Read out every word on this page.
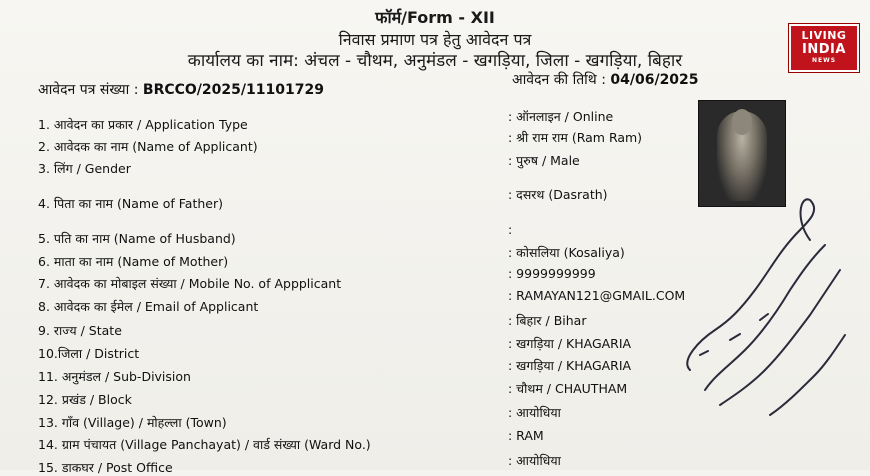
फॉर्म/Form - XII
निवास प्रमाण पत्र हेतु आवेदन पत्र
कार्यालय का नाम: अंचल - चौथम, अनुमंडल - खगड़िया, जिला - खगड़िया, बिहार
आवेदन पत्र संख्या : BRCCO/2025/11101729
आवेदन की तिथि : 04/06/2025
1. आवेदन का प्रकार / Application Type
2. आवेदक का नाम (Name of Applicant)
3. लिंग / Gender
4. पिता का नाम (Name of Father)
5. पति का नाम (Name of Husband)
6. माता का नाम (Name of Mother)
7. आवेदक का मोबाइल संख्या / Mobile No. of Appplicant
8. आवेदक का ईमेल / Email of Applicant
9. राज्य / State
10.जिला / District
11. अनुमंडल / Sub-Division
12. प्रखंड / Block
13. गाँव (Village) / मोहल्ला (Town)
14. ग्राम पंचायत (Village Panchayat) / वार्ड संख्या (Ward No.)
15. डाकघर / Post Office
: ऑनलाइन / Online
: श्री राम राम (Ram Ram)
: पुरुष / Male
: दसरथ (Dasrath)
:
: कोसलिया (Kosaliya)
: 9999999999
: RAMAYAN121@GMAIL.COM
: बिहार / Bihar
: खगड़िया / KHAGARIA
: खगड़िया / KHAGARIA
: चौथम / CHAUTHAM
: आयोधिया
: RAM
: आयोधिया
LIVING
INDIA
NEWS
